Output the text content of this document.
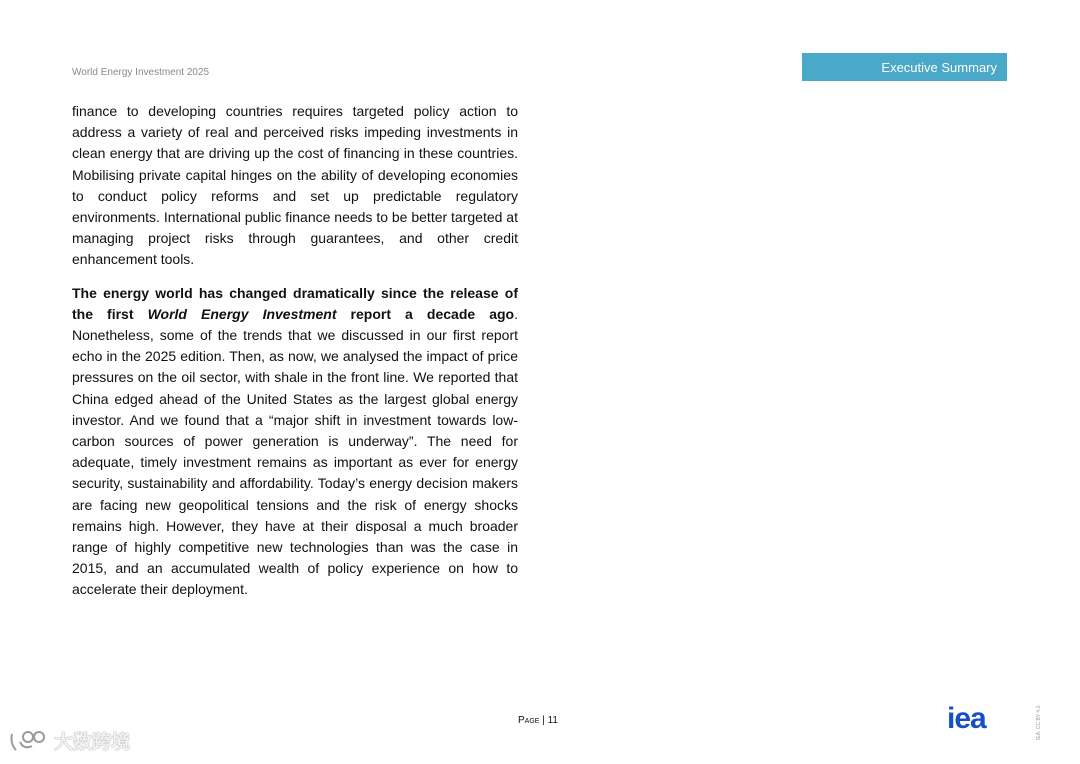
World Energy Investment 2025	Executive Summary

finance to developing countries requires targeted policy action to address a variety of real and perceived risks impeding investments in clean energy that are driving up the cost of financing in these countries. Mobilising private capital hinges on the ability of developing economies to conduct policy reforms and set up predictable regulatory environments. International public finance needs to be better targeted at managing project risks through guarantees, and other credit enhancement tools.

The energy world has changed dramatically since the release of the first World Energy Investment report a decade ago. Nonetheless, some of the trends that we discussed in our first report echo in the 2025 edition. Then, as now, we analysed the impact of price pressures on the oil sector, with shale in the front line. We reported that China edged ahead of the United States as the largest global energy investor. And we found that a “major shift in investment towards low-carbon sources of power generation is underway”. The need for adequate, timely investment remains as important as ever for energy security, sustainability and affordability. Today’s energy decision makers are facing new geopolitical tensions and the risk of energy shocks remains high. However, they have at their disposal a much broader range of highly competitive new technologies than was the case in 2015, and an accumulated wealth of policy experience on how to accelerate their deployment.

Page | 11	iea	IEA. CC BY 4.0.
大数跨境
